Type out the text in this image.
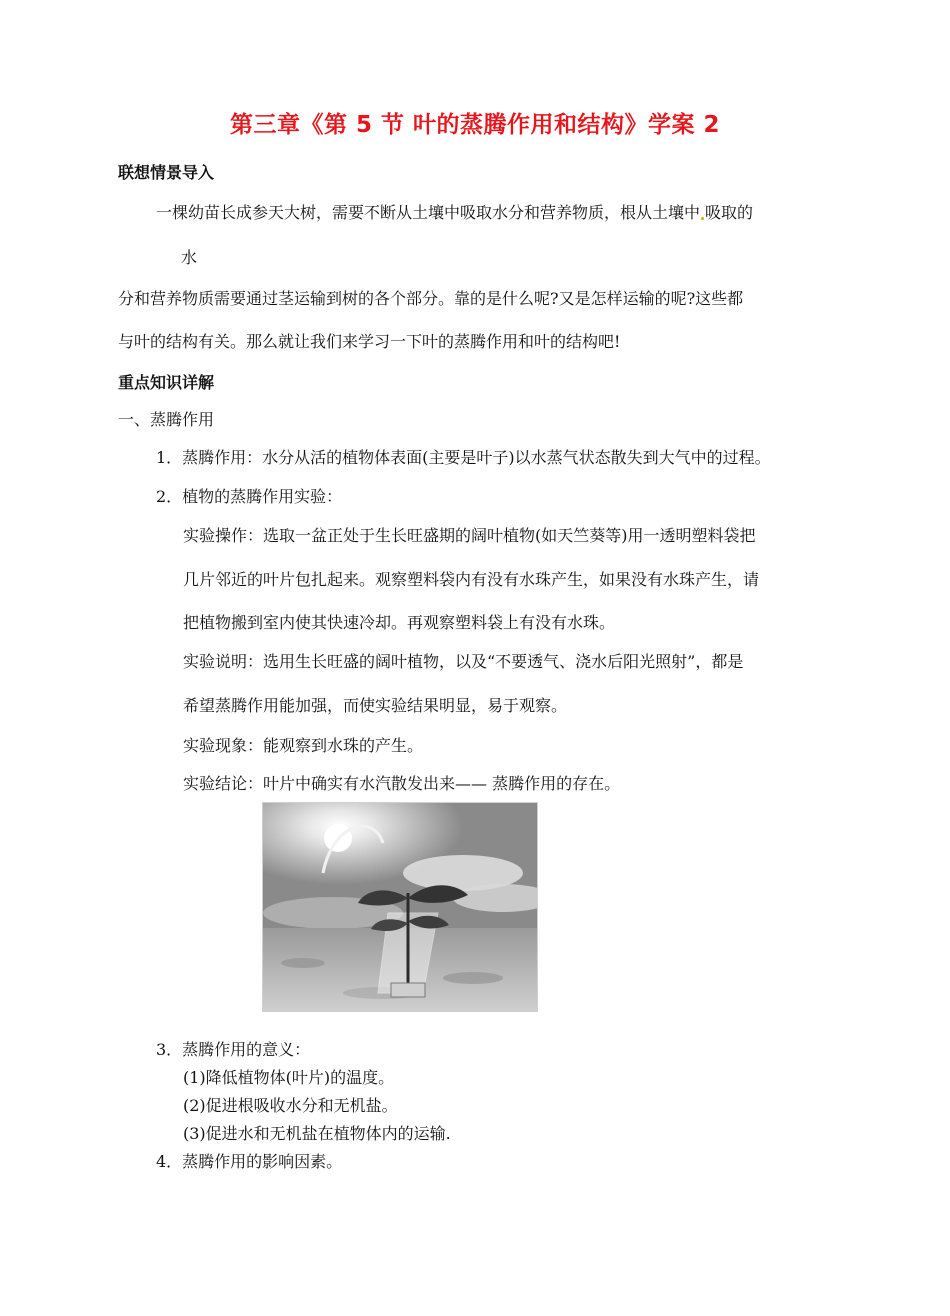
第三章《第 5 节 叶的蒸腾作用和结构》学案 2
联想情景导入
一棵幼苗长成参天大树，需要不断从土壤中吸取水分和营养物质，根从土壤中 吸取的
水
分和营养物质需要通过茎运输到树的各个部分。靠的是什么呢?又是怎样运输的呢?这些都
与叶的结构有关。那么就让我们来学习一下叶的蒸腾作用和叶的结构吧!
重点知识详解
一、蒸腾作用
1．蒸腾作用：水分从活的植物体表面(主要是叶子)以水蒸气状态散失到大气中的过程。
2．植物的蒸腾作用实验：
实验操作：选取一盆正处于生长旺盛期的阔叶植物(如天竺葵等)用一透明塑料袋把
几片邻近的叶片包扎起来。观察塑料袋内有没有水珠产生，如果没有水珠产生，请
把植物搬到室内使其快速冷却。再观察塑料袋上有没有水珠。
实验说明：选用生长旺盛的阔叶植物，以及“不要透气、浇水后阳光照射”，都是
希望蒸腾作用能加强，而使实验结果明显，易于观察。
实验现象：能观察到水珠的产生。
实验结论：叶片中确实有水汽散发出来—— 蒸腾作用的存在。
3．蒸腾作用的意义：
(1)降低植物体(叶片)的温度。
(2)促进根吸收水分和无机盐。
(3)促进水和无机盐在植物体内的运输.
4．蒸腾作用的影响因素。
